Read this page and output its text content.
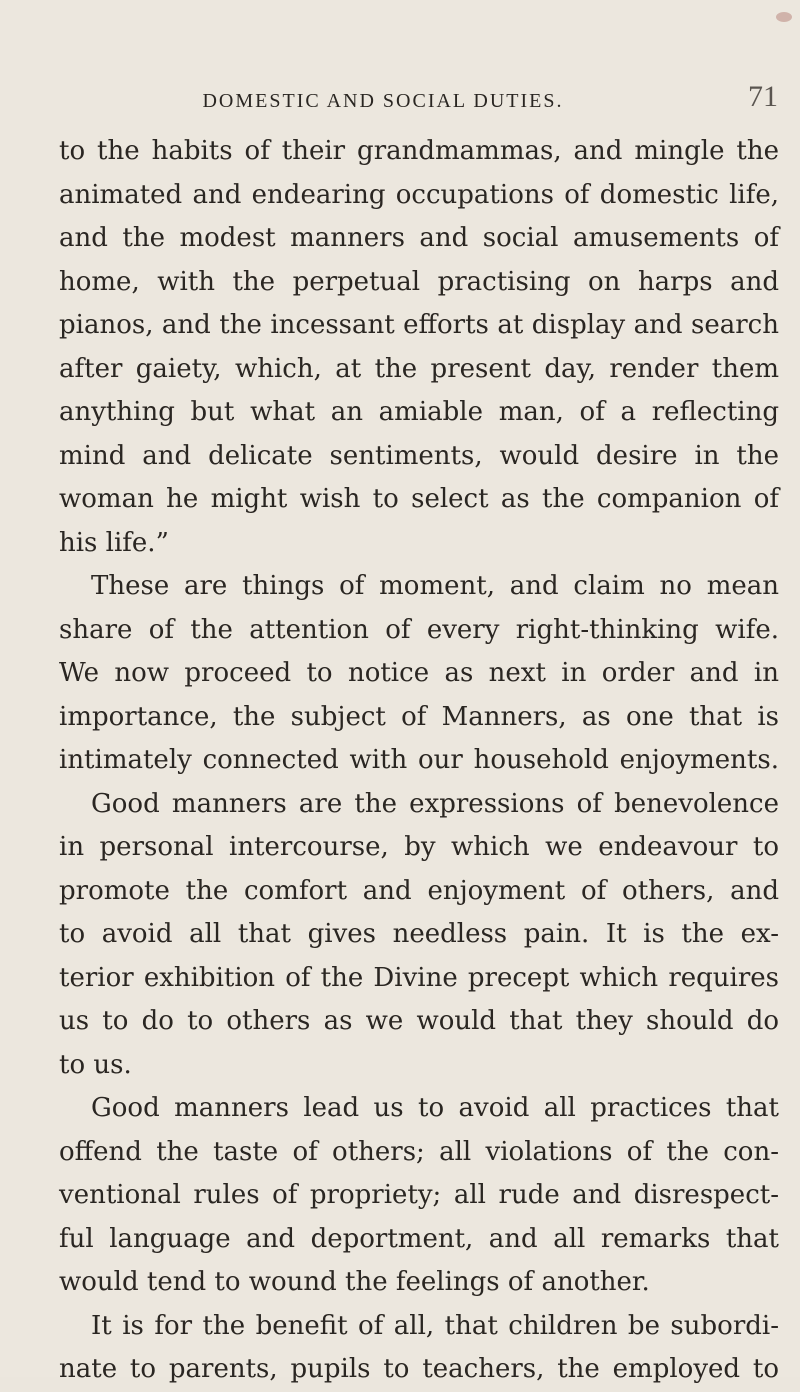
DOMESTIC AND SOCIAL DUTIES.	71
to the habits of their grandmammas, and mingle the
animated and endearing occupations of domestic life,
and the modest manners and social amusements of
home, with the perpetual practising on harps and
pianos, and the incessant efforts at display and search
after gaiety, which, at the present day, render them
anything but what an amiable man, of a reflecting
mind and delicate sentiments, would desire in the
woman he might wish to select as the companion of
his life.”
These are things of moment, and claim no mean
share of the attention of every right-thinking wife.
We now proceed to notice as next in order and in
importance, the subject of Manners, as one that is
intimately connected with our household enjoyments.
Good manners are the expressions of benevolence
in personal intercourse, by which we endeavour to
promote the comfort and enjoyment of others, and
to avoid all that gives needless pain. It is the ex-
terior exhibition of the Divine precept which requires
us to do to others as we would that they should do
to us.
Good manners lead us to avoid all practices that
offend the taste of others; all violations of the con-
ventional rules of propriety; all rude and disrespect-
ful language and deportment, and all remarks that
would tend to wound the feelings of another.
It is for the benefit of all, that children be subordi-
nate to parents, pupils to teachers, the employed to
